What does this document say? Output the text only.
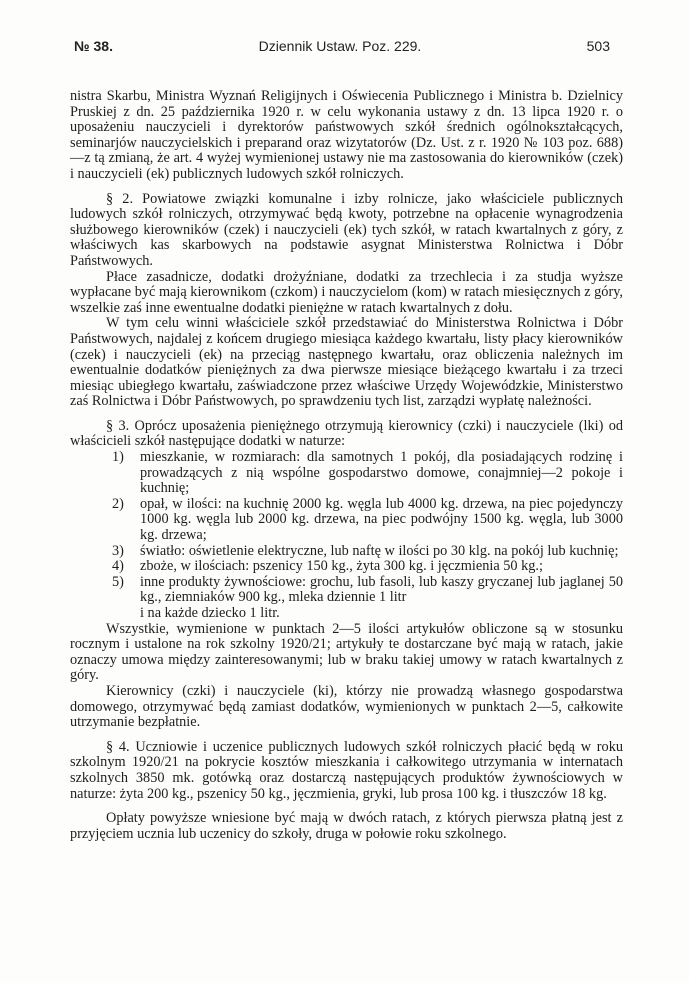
№ 38.	Dziennik Ustaw. Poz. 229.	503

nistra Skarbu, Ministra Wyznań Religijnych i Oświecenia Publicznego i Ministra b. Dzielnicy Pruskiej z dn. 25 października 1920 r. w celu wykonania ustawy z dn. 13 lipca 1920 r. o uposażeniu nauczycieli i dyrektorów państwowych szkół średnich ogólnokształcących, seminarjów nauczycielskich i preparand oraz wizytatorów (Dz. Ust. z r. 1920 № 103 poz. 688)—z tą zmianą, że art. 4 wyżej wymienionej ustawy nie ma zastosowania do kierowników (czek) i nauczycieli (ek) publicznych ludowych szkół rolniczych.

§ 2. Powiatowe związki komunalne i izby rolnicze, jako właściciele publicznych ludowych szkół rolniczych, otrzymywać będą kwoty, potrzebne na opłacenie wynagrodzenia służbowego kierowników (czek) i nauczycieli (ek) tych szkół, w ratach kwartalnych z góry, z właściwych kas skarbowych na podstawie asygnat Ministerstwa Rolnictwa i Dóbr Państwowych.

Płace zasadnicze, dodatki drożyźniane, dodatki za trzechlecia i za studja wyższe wypłacane być mają kierownikom (czkom) i nauczycielom (kom) w ratach miesięcznych z góry, wszelkie zaś inne ewentualne dodatki pieniężne w ratach kwartalnych z dołu.

W tym celu winni właściciele szkół przedstawiać do Ministerstwa Rolnictwa i Dóbr Państwowych, najdalej z końcem drugiego miesiąca każdego kwartału, listy płacy kierowników (czek) i nauczycieli (ek) na przeciąg następnego kwartału, oraz obliczenia należnych im ewentualnie dodatków pieniężnych za dwa pierwsze miesiące bieżącego kwartału i za trzeci miesiąc ubiegłego kwartału, zaświadczone przez właściwe Urzędy Wojewódzkie, Ministerstwo zaś Rolnictwa i Dóbr Państwowych, po sprawdzeniu tych list, zarządzi wypłatę należności.

§ 3. Oprócz uposażenia pieniężnego otrzymują kierownicy (czki) i nauczyciele (lki) od właścicieli szkół następujące dodatki w naturze:

1) mieszkanie, w rozmiarach: dla samotnych 1 pokój, dla posiadających rodzinę i prowadzących z nią wspólne gospodarstwo domowe, conajmniej—2 pokoje i kuchnię;
2) opał, w ilości: na kuchnię 2000 kg. węgla lub 4000 kg. drzewa, na piec pojedynczy 1000 kg. węgla lub 2000 kg. drzewa, na piec podwójny 1500 kg. węgla, lub 3000 kg. drzewa;
3) światło: oświetlenie elektryczne, lub naftę w ilości po 30 klg. na pokój lub kuchnię;
4) zboże, w ilościach: pszenicy 150 kg., żyta 300 kg. i jęczmienia 50 kg.;
5) inne produkty żywnościowe: grochu, lub fasoli, lub kaszy gryczanej lub jaglanej 50 kg., ziemniaków 900 kg., mleka dziennie 1 litr

i na każde dziecko 1 litr.

Wszystkie, wymienione w punktach 2—5 ilości artykułów obliczone są w stosunku rocznym i ustalone na rok szkolny 1920/21; artykuły te dostarczane być mają w ratach, jakie oznaczy umowa między zainteresowanymi; lub w braku takiej umowy w ratach kwartalnych z góry.

Kierownicy (czki) i nauczyciele (ki), którzy nie prowadzą własnego gospodarstwa domowego, otrzymywać będą zamiast dodatków, wymienionych w punktach 2—5, całkowite utrzymanie bezpłatnie.

§ 4. Uczniowie i uczenice publicznych ludowych szkół rolniczych płacić będą w roku szkolnym 1920/21 na pokrycie kosztów mieszkania i całkowitego utrzymania w internatach szkolnych 3850 mk. gotówką oraz dostarczą następujących produktów żywnościowych w naturze: żyta 200 kg., pszenicy 50 kg., jęczmienia, gryki, lub prosa 100 kg. i tłuszczów 18 kg.

Opłaty powyższe wniesione być mają w dwóch ratach, z których pierwsza płatną jest z przyjęciem ucznia lub uczenicy do szkoły, druga w połowie roku szkolnego.
